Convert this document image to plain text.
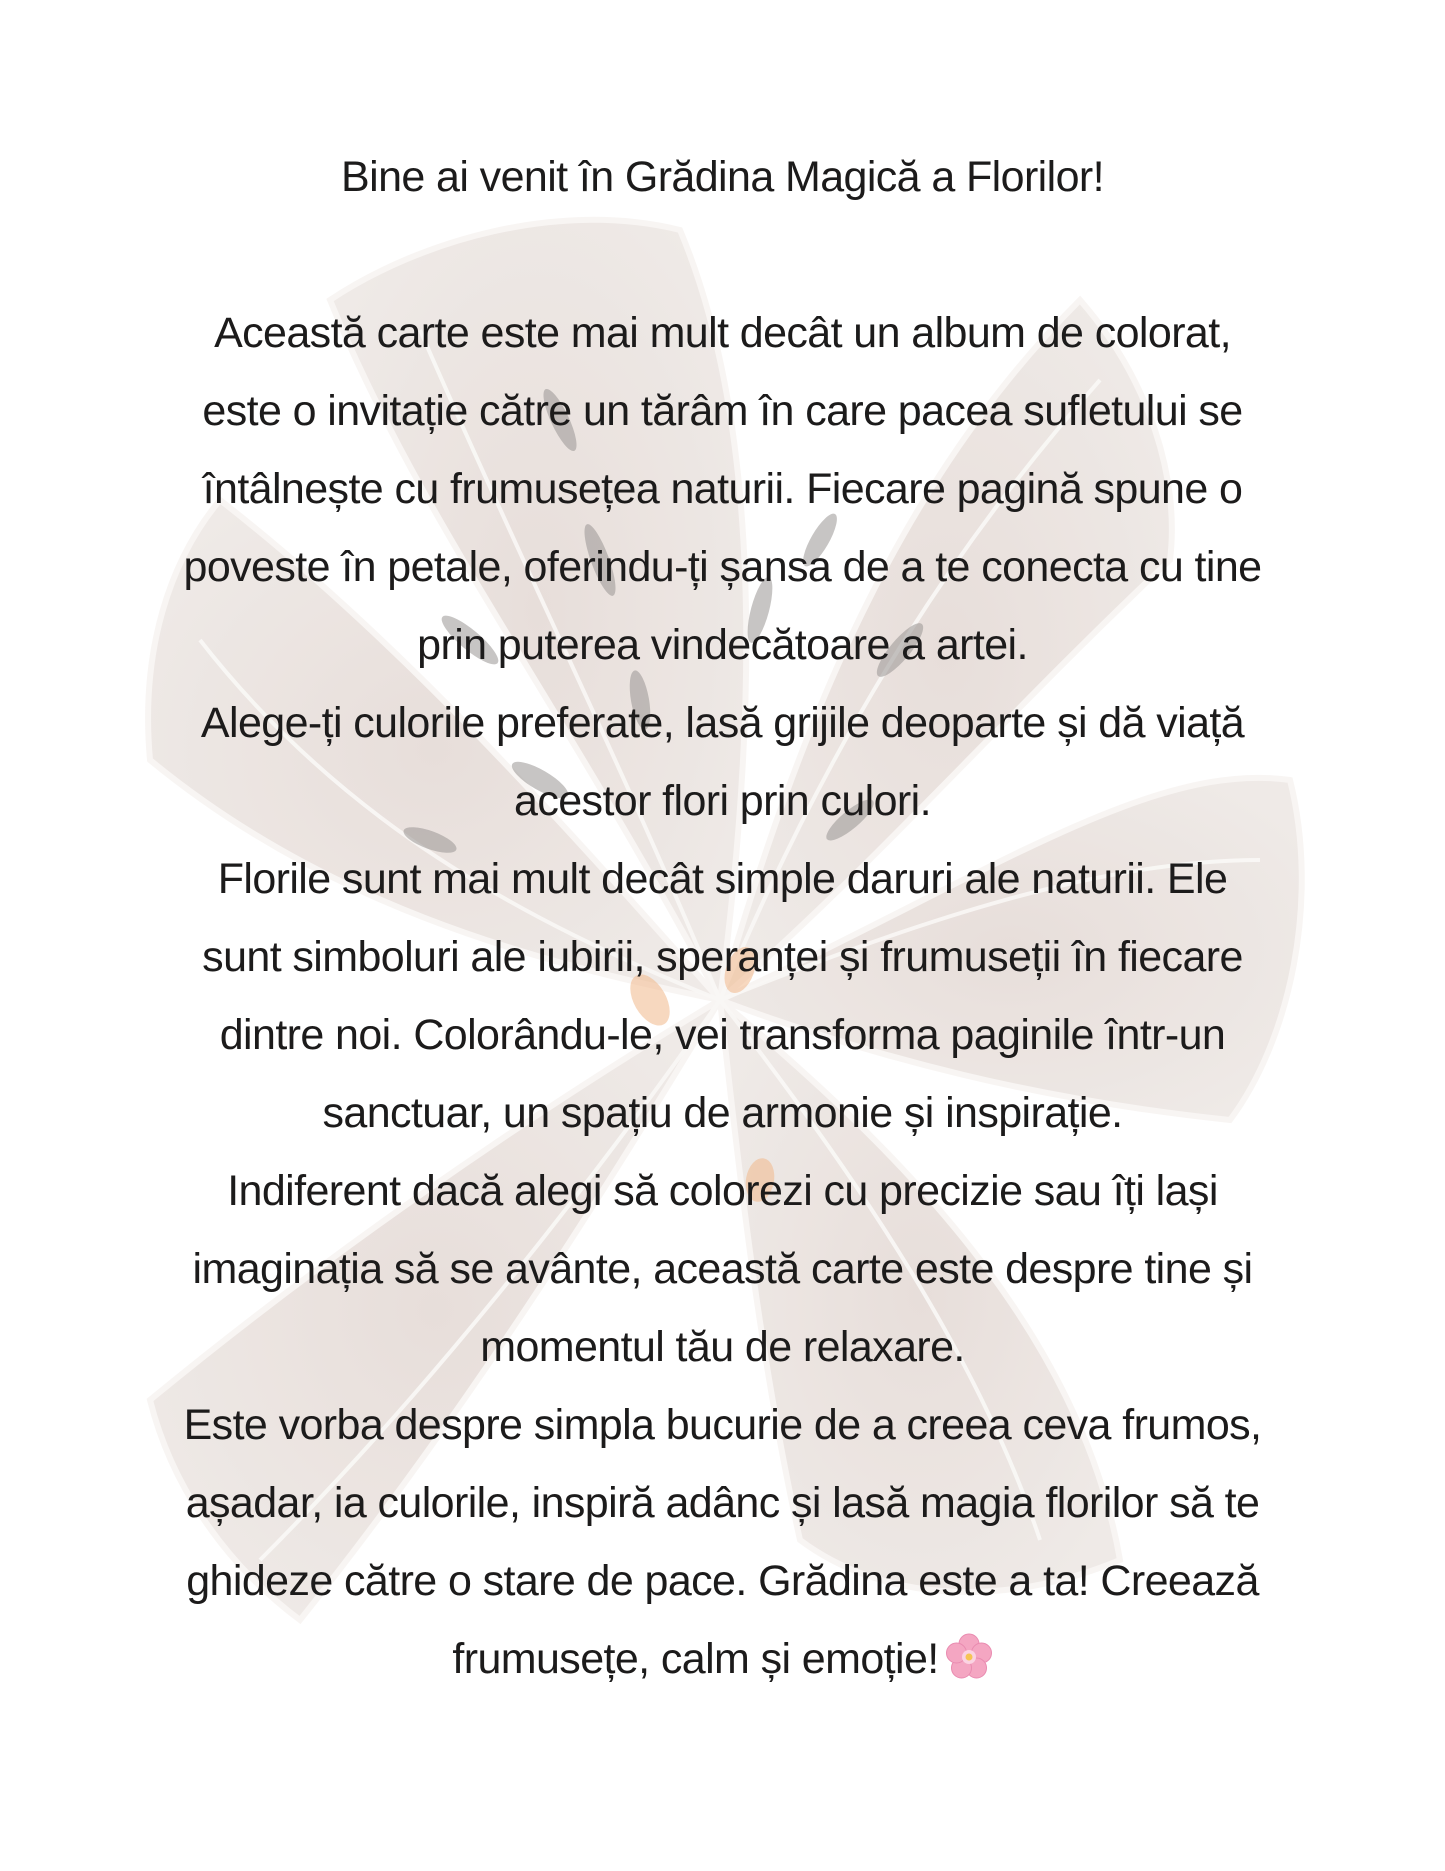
Bine ai venit în Grădina Magică a Florilor!
Această carte este mai mult decât un album de colorat,
este o invitație către un tărâm în care pacea sufletului se
întâlnește cu frumusețea naturii. Fiecare pagină spune o
poveste în petale, oferindu-ți șansa de a te conecta cu tine
prin puterea vindecătoare a artei.
Alege-ți culorile preferate, lasă grijile deoparte și dă viață
acestor flori prin culori.
Florile sunt mai mult decât simple daruri ale naturii. Ele
sunt simboluri ale iubirii, speranței și frumuseții în fiecare
dintre noi. Colorându-le, vei transforma paginile într-un
sanctuar, un spațiu de armonie și inspirație.
Indiferent dacă alegi să colorezi cu precizie sau îți lași
imaginația să se avânte, această carte este despre tine și
momentul tău de relaxare.
Este vorba despre simpla bucurie de a creea ceva frumos,
așadar, ia culorile, inspiră adânc și lasă magia florilor să te
ghideze către o stare de pace. Grădina este a ta! Creează
frumusețe, calm și emoție!
